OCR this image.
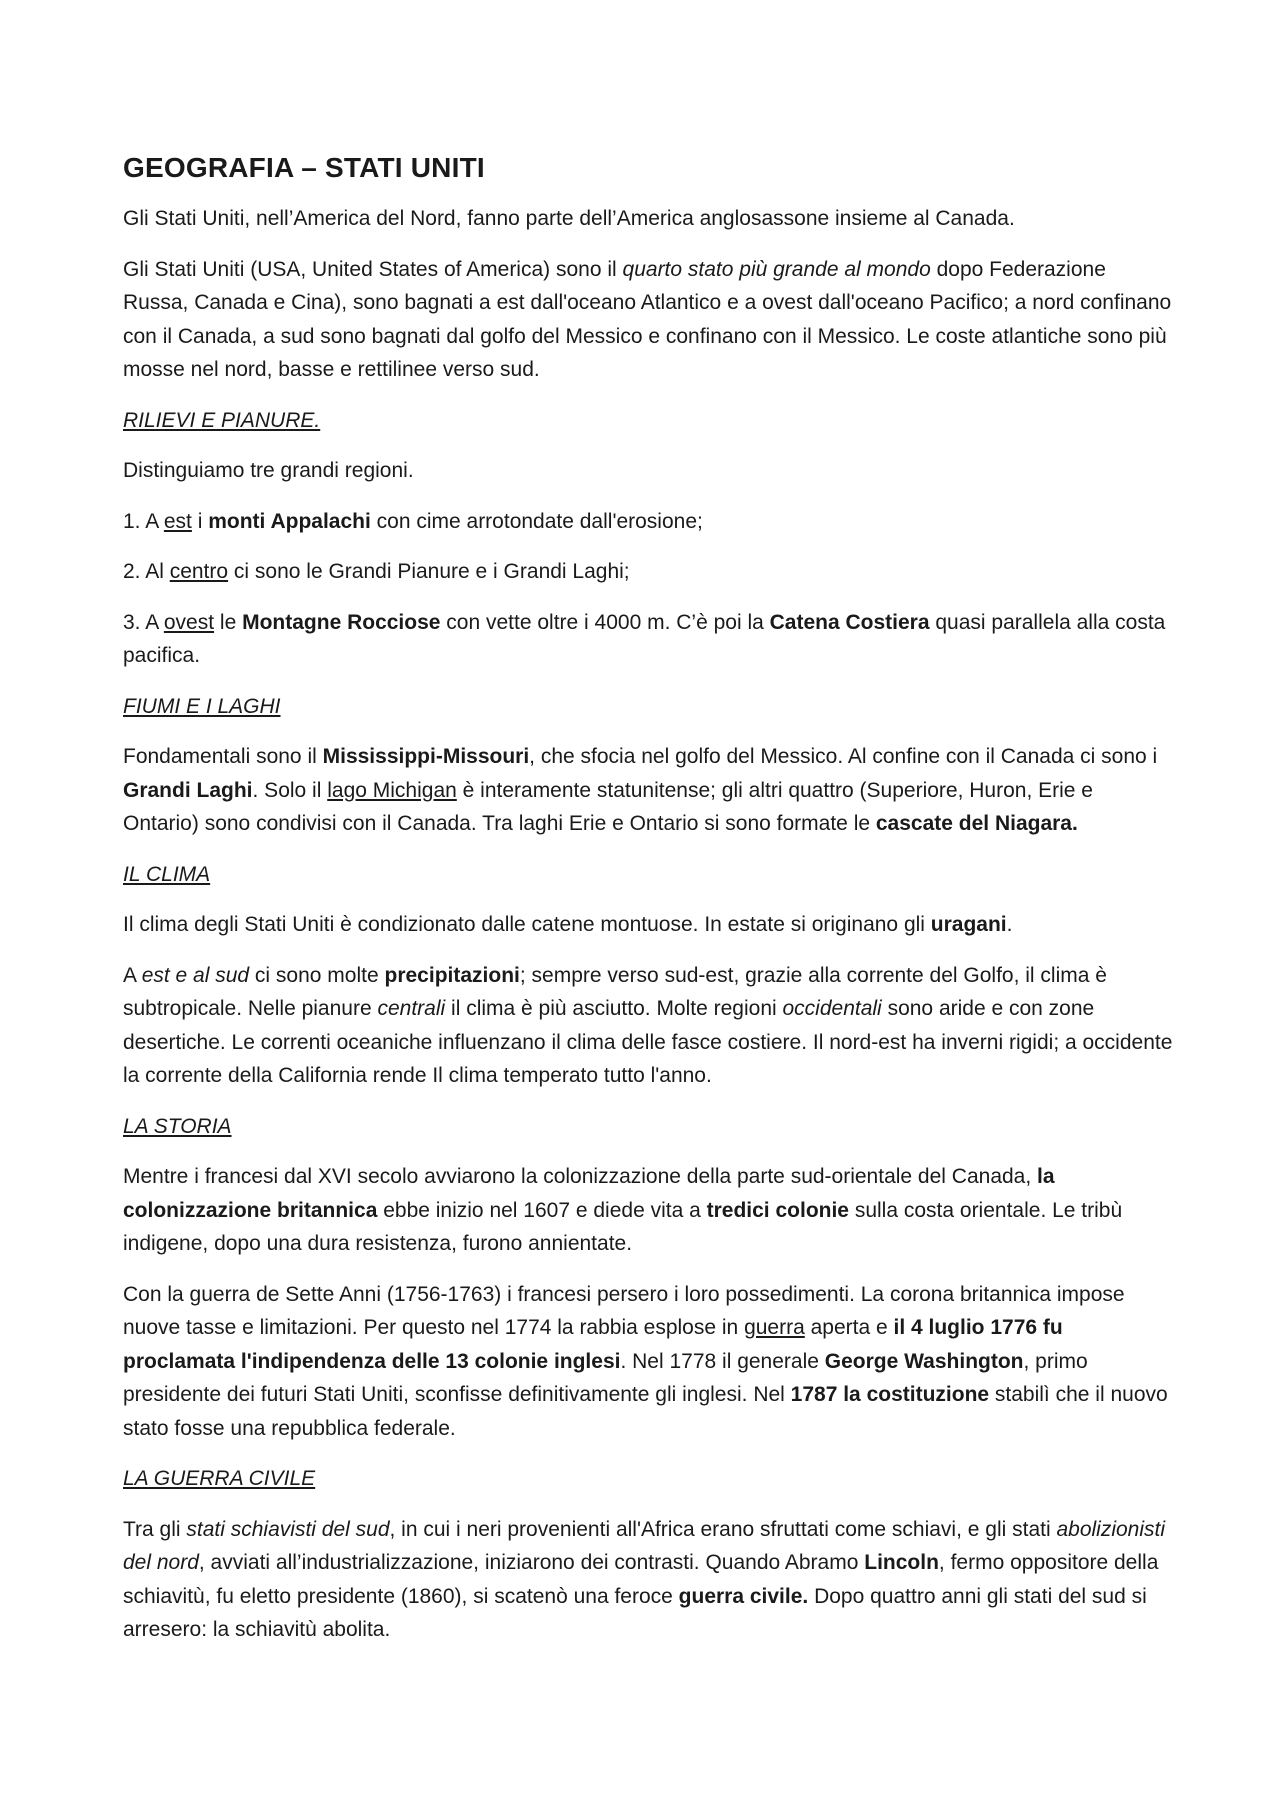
GEOGRAFIA – STATI UNITI

Gli Stati Uniti, nell’America del Nord, fanno parte dell’America anglosassone insieme al Canada.

Gli Stati Uniti (USA, United States of America) sono il quarto stato più grande al mondo dopo Federazione Russa, Canada e Cina), sono bagnati a est dall'oceano Atlantico e a ovest dall'oceano Pacifico; a nord confinano con il Canada, a sud sono bagnati dal golfo del Messico e confinano con il Messico. Le coste atlantiche sono più mosse nel nord, basse e rettilinee verso sud.

RILIEVI E PIANURE.

Distinguiamo tre grandi regioni.

1. A est i monti Appalachi con cime arrotondate dall'erosione;

2. Al centro ci sono le Grandi Pianure e i Grandi Laghi;

3. A ovest le Montagne Rocciose con vette oltre i 4000 m. C’è poi la Catena Costiera quasi parallela alla costa pacifica.

FIUMI E I LAGHI

Fondamentali sono il Mississippi-Missouri, che sfocia nel golfo del Messico. Al confine con il Canada ci sono i Grandi Laghi. Solo il lago Michigan è interamente statunitense; gli altri quattro (Superiore, Huron, Erie e Ontario) sono condivisi con il Canada. Tra laghi Erie e Ontario si sono formate le cascate del Niagara.

IL CLIMA

Il clima degli Stati Uniti è condizionato dalle catene montuose. In estate si originano gli uragani.

A est e al sud ci sono molte precipitazioni; sempre verso sud-est, grazie alla corrente del Golfo, il clima è subtropicale. Nelle pianure centrali il clima è più asciutto. Molte regioni occidentali sono aride e con zone desertiche. Le correnti oceaniche influenzano il clima delle fasce costiere. Il nord-est ha inverni rigidi; a occidente la corrente della California rende Il clima temperato tutto l'anno.

LA STORIA

Mentre i francesi dal XVI secolo avviarono la colonizzazione della parte sud-orientale del Canada, la colonizzazione britannica ebbe inizio nel 1607 e diede vita a tredici colonie sulla costa orientale. Le tribù indigene, dopo una dura resistenza, furono annientate.

Con la guerra de Sette Anni (1756-1763) i francesi persero i loro possedimenti. La corona britannica impose nuove tasse e limitazioni. Per questo nel 1774 la rabbia esplose in guerra aperta e il 4 luglio 1776 fu proclamata l'indipendenza delle 13 colonie inglesi. Nel 1778 il generale George Washington, primo presidente dei futuri Stati Uniti, sconfisse definitivamente gli inglesi. Nel 1787 la costituzione stabilì che il nuovo stato fosse una repubblica federale.

LA GUERRA CIVILE

Tra gli stati schiavisti del sud, in cui i neri provenienti all'Africa erano sfruttati come schiavi, e gli stati abolizionisti del nord, avviati all’industrializzazione, iniziarono dei contrasti. Quando Abramo Lincoln, fermo oppositore della schiavitù, fu eletto presidente (1860), si scatenò una feroce guerra civile. Dopo quattro anni gli stati del sud si arresero: la schiavitù abolita.
